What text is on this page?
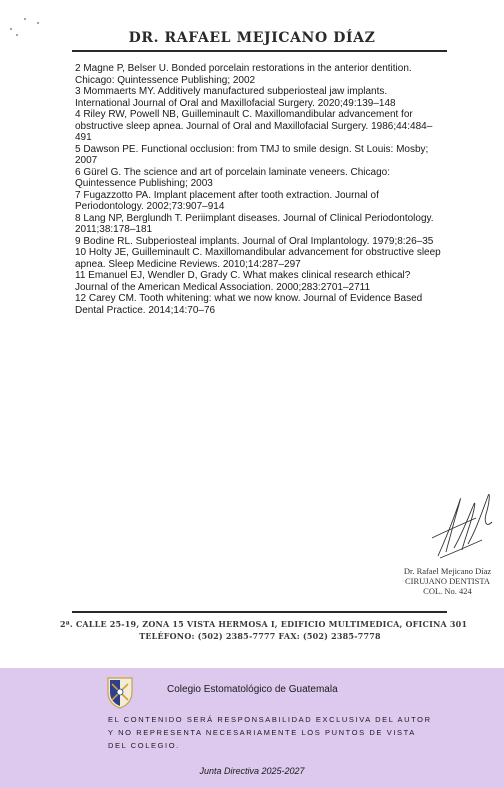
DR. RAFAEL MEJICANO DÍAZ

2 Magne P, Belser U. Bonded porcelain restorations in the anterior dentition.
Chicago: Quintessence Publishing; 2002

3 Mommaerts MY. Additively manufactured subperiosteal jaw implants.
International Journal of Oral and Maxillofacial Surgery. 2020;49:139–148

4 Riley RW, Powell NB, Guilleminault C. Maxillomandibular advancement for
obstructive sleep apnea. Journal of Oral and Maxillofacial Surgery. 1986;44:484–
491

5 Dawson PE. Functional occlusion: from TMJ to smile design. St Louis: Mosby;
2007

6 Gürel G. The science and art of porcelain laminate veneers. Chicago:
Quintessence Publishing; 2003

7 Fugazzotto PA. Implant placement after tooth extraction. Journal of
Periodontology. 2002;73:907–914

8 Lang NP, Berglundh T. Periimplant diseases. Journal of Clinical Periodontology.
2011;38:178–181

9 Bodine RL. Subperiosteal implants. Journal of Oral Implantology. 1979;8:26–35

10 Holty JE, Guilleminault C. Maxillomandibular advancement for obstructive sleep
apnea. Sleep Medicine Reviews. 2010;14:287–297

11 Emanuel EJ, Wendler D, Grady C. What makes clinical research ethical?
Journal of the American Medical Association. 2000;283:2701–2711

12 Carey CM. Tooth whitening: what we now know. Journal of Evidence Based
Dental Practice. 2014;14:70–76

Dr. Rafael Mejicano Díaz
CIRUJANO DENTISTA
COL. No. 424
2ª. CALLE 25-19, ZONA 15 VISTA HERMOSA I, EDIFICIO MULTIMEDICA, OFICINA 301
TELÉFONO: (502) 2385-7777 FAX: (502) 2385-7778
Colegio Estomatológico de Guatemala
EL CONTENIDO SERÁ RESPONSABILIDAD EXCLUSIVA DEL AUTOR
Y NO REPRESENTA NECESARIAMENTE LOS PUNTOS DE VISTA
DEL COLEGIO.
Junta Directiva 2025-2027
